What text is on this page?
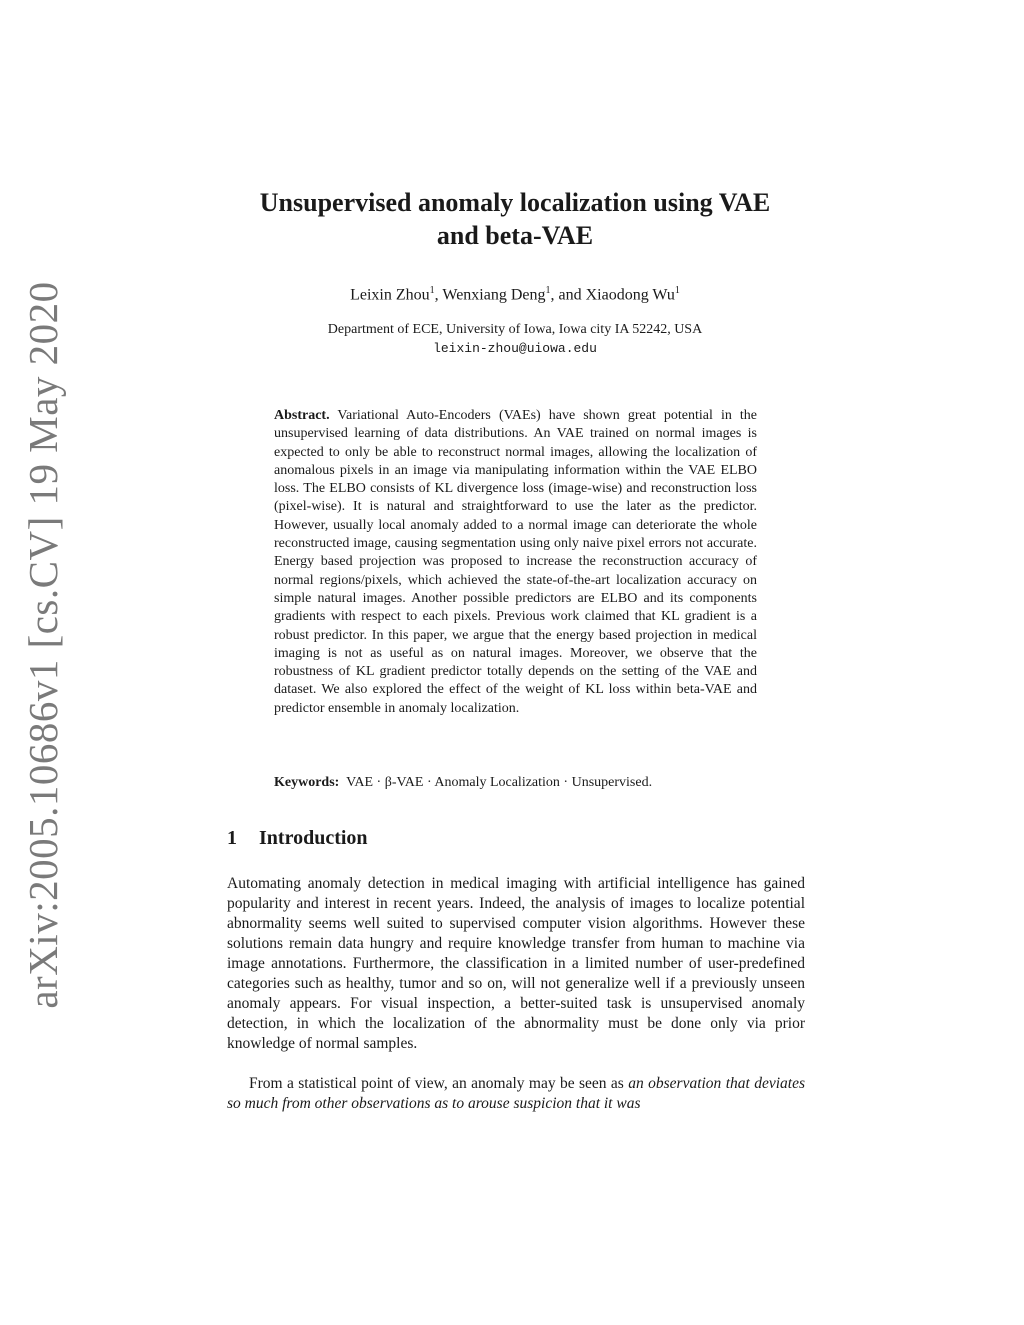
arXiv:2005.10686v1 [cs.CV] 19 May 2020
Unsupervised anomaly localization using VAE
and beta-VAE
Leixin Zhou$^1$, Wenxiang Deng$^1$, and Xiaodong Wu$^1$
Department of ECE, University of Iowa, Iowa city IA 52242, USA
leixin-zhou@uiowa.edu
Abstract. Variational Auto-Encoders (VAEs) have shown great potential in the unsupervised learning of data distributions. An VAE trained on normal images is expected to only be able to reconstruct normal images, allowing the localization of anomalous pixels in an image via manipulating information within the VAE ELBO loss. The ELBO consists of KL divergence loss (image-wise) and reconstruction loss (pixel-wise). It is natural and straightforward to use the later as the predictor. However, usually local anomaly added to a normal image can deteriorate the whole reconstructed image, causing segmentation using only naive pixel errors not accurate. Energy based projection was proposed to increase the reconstruction accuracy of normal regions/pixels, which achieved the state-of-the-art localization accuracy on simple natural images. Another possible predictors are ELBO and its components gradients with respect to each pixels. Previous work claimed that KL gradient is a robust predictor. In this paper, we argue that the energy based projection in medical imaging is not as useful as on natural images. Moreover, we observe that the robustness of KL gradient predictor totally depends on the setting of the VAE and dataset. We also explored the effect of the weight of KL loss within beta-VAE and predictor ensemble in anomaly localization.
Keywords: VAE · β-VAE · Anomaly Localization · Unsupervised.
1 Introduction
Automating anomaly detection in medical imaging with artificial intelligence has gained popularity and interest in recent years. Indeed, the analysis of images to localize potential abnormality seems well suited to supervised computer vision algorithms. However these solutions remain data hungry and require knowledge transfer from human to machine via image annotations. Furthermore, the classification in a limited number of user-predefined categories such as healthy, tumor and so on, will not generalize well if a previously unseen anomaly appears. For visual inspection, a better-suited task is unsupervised anomaly detection, in which the localization of the abnormality must be done only via prior knowledge of normal samples.
From a statistical point of view, an anomaly may be seen as an observation that deviates so much from other observations as to arouse suspicion that it was
